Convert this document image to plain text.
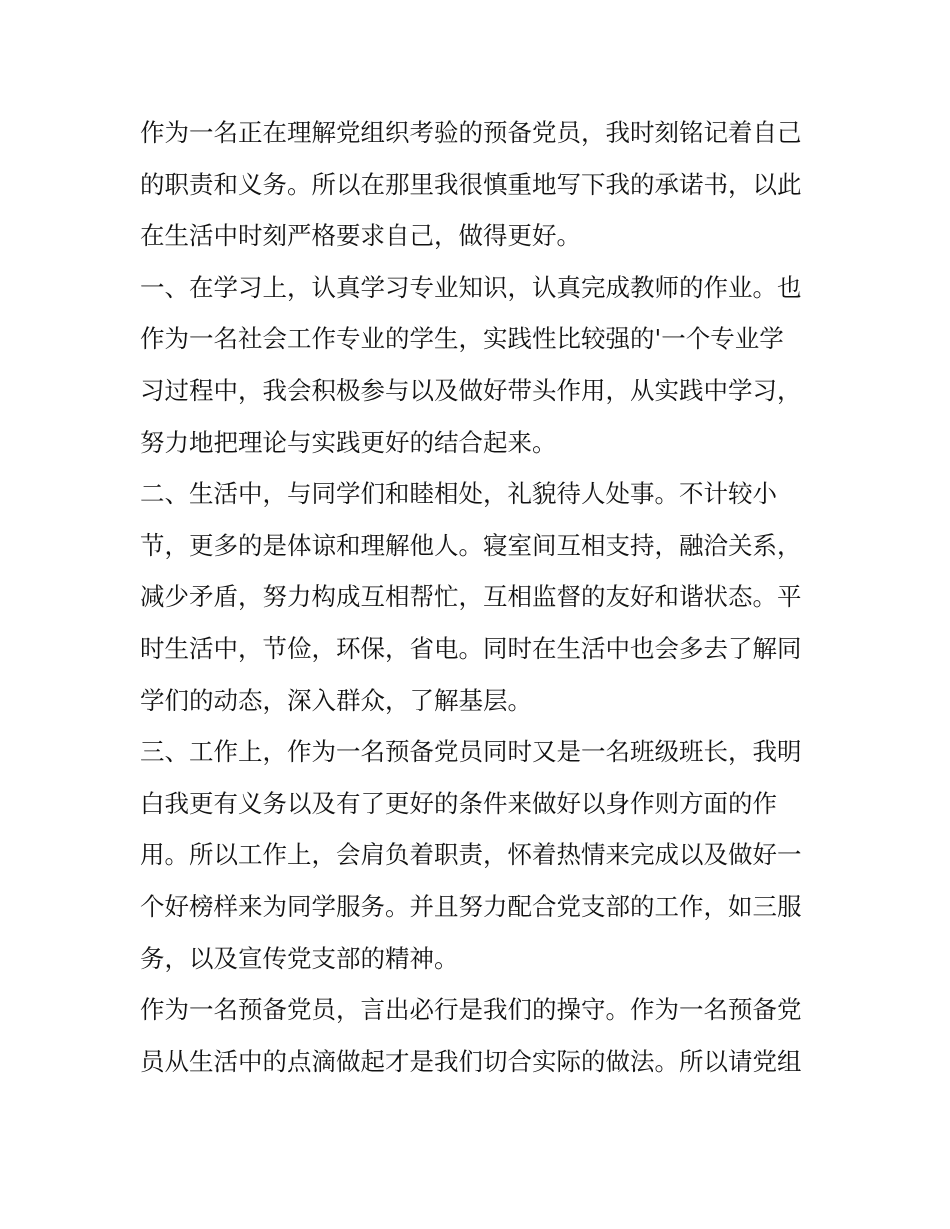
作为一名正在理解党组织考验的预备党员，我时刻铭记着自己
的职责和义务。所以在那里我很慎重地写下我的承诺书，以此
在生活中时刻严格要求自己，做得更好。
一、在学习上，认真学习专业知识，认真完成教师的作业。也
作为一名社会工作专业的学生，实践性比较强的'一个专业学
习过程中，我会积极参与以及做好带头作用，从实践中学习，
努力地把理论与实践更好的结合起来。
二、生活中，与同学们和睦相处，礼貌待人处事。不计较小
节，更多的是体谅和理解他人。寝室间互相支持，融洽关系，
减少矛盾，努力构成互相帮忙，互相监督的友好和谐状态。平
时生活中，节俭，环保，省电。同时在生活中也会多去了解同
学们的动态，深入群众，了解基层。
三、工作上，作为一名预备党员同时又是一名班级班长，我明
白我更有义务以及有了更好的条件来做好以身作则方面的作
用。所以工作上，会肩负着职责，怀着热情来完成以及做好一
个好榜样来为同学服务。并且努力配合党支部的工作，如三服
务，以及宣传党支部的精神。
作为一名预备党员，言出必行是我们的操守。作为一名预备党
员从生活中的点滴做起才是我们切合实际的做法。所以请党组
